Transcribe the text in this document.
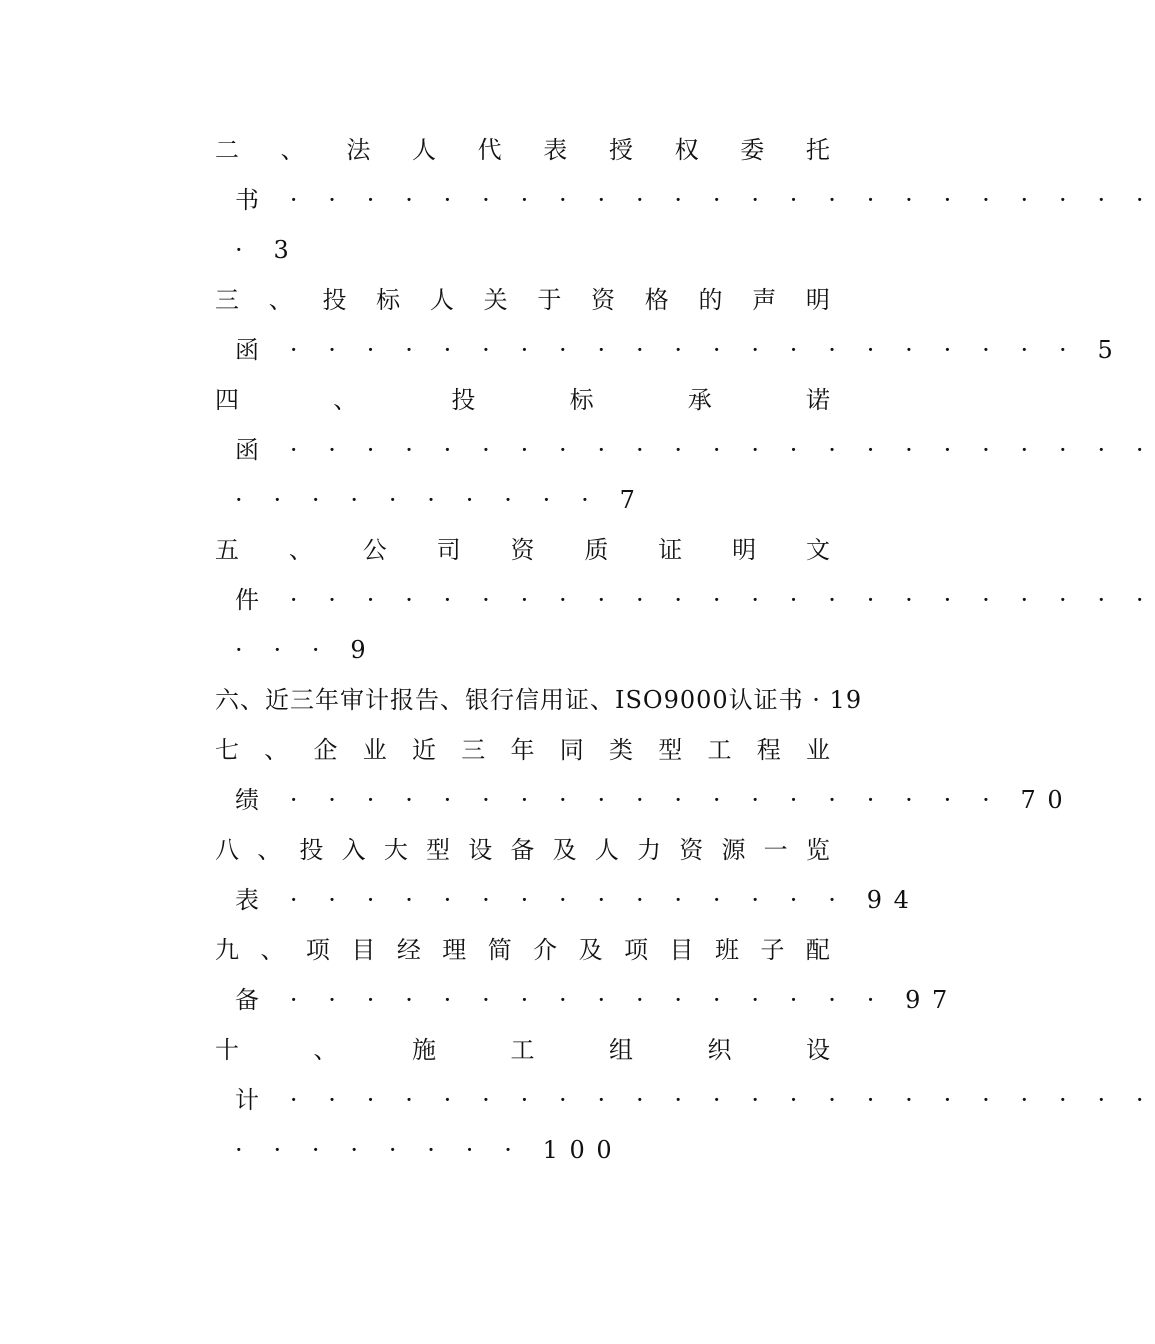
二 、 法 人 代 表 授 权 委 托
书 · · · · · · · · · · · · · · · · · · · · · · ·
· 3
三 、 投 标 人 关 于 资 格 的 声 明
函 · · · · · · · · · · · · · · · · · · · · · 5
四	、	投	标	承	诺
函 · · · · · · · · · · · · · · · · · · · · · · ·
· · · · · · · · · · 7
五 、 公 司 资 质 证 明 文
件 · · · · · · · · · · · · · · · · · · · · · · ·
· · · 9
六、近三年审计报告、银行信用证、ISO9000认证书 · 19
七 、 企 业 近 三 年 同 类 型 工 程 业
绩 · · · · · · · · · · · · · · · · · · · 70
八 、 投 入 大 型 设 备 及 人 力 资 源 一 览
表 · · · · · · · · · · · · · · · 94
九 、 项 目 经 理 简 介 及 项 目 班 子 配
备 · · · · · · · · · · · · · · · · 97
十	、	施	工	组	织	设
计 · · · · · · · · · · · · · · · · · · · · · · ·
· · · · · · · · 100
